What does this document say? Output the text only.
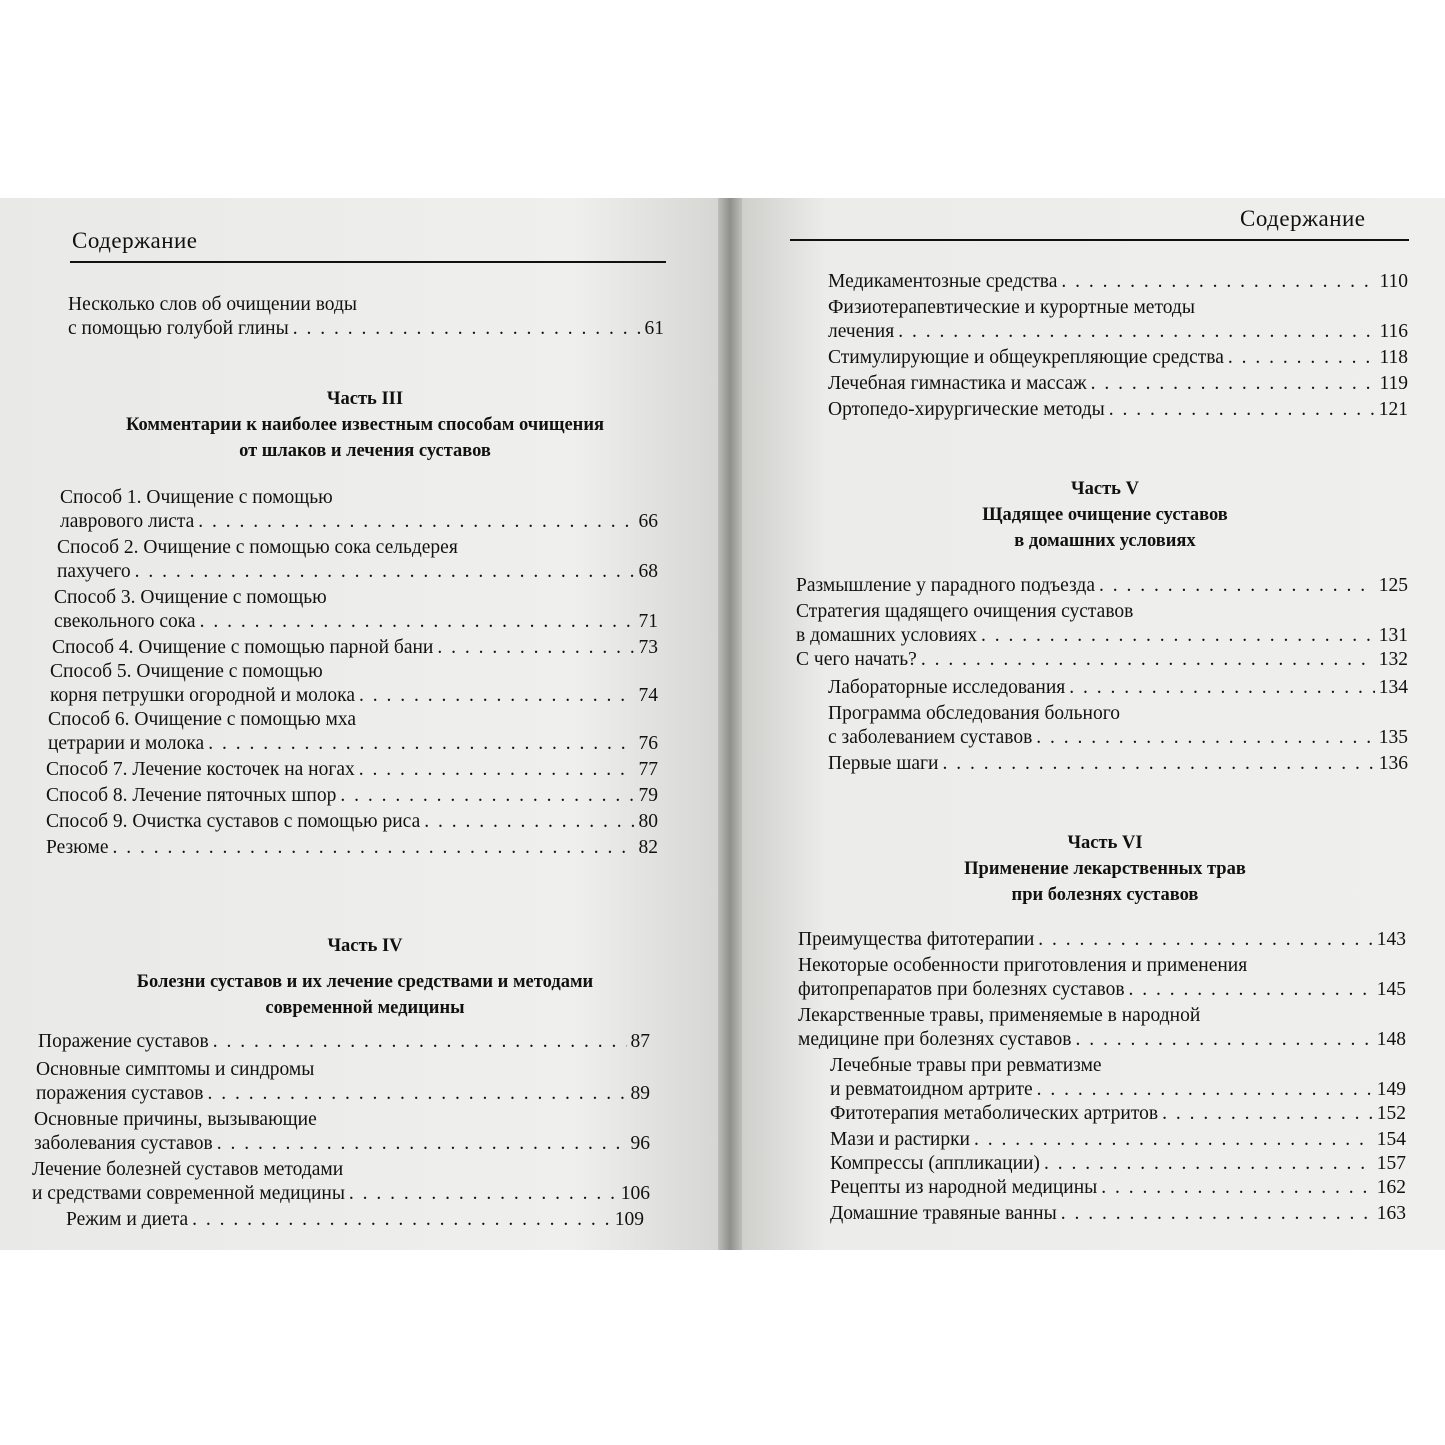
Содержание
Несколько слов об очищении воды
с помощью голубой глины . . .	61
Часть III
Комментарии к наиболее известным способам очищения
от шлаков и лечения суставов
Способ 1. Очищение с помощью
лаврового листа . . .	66
Способ 2. Очищение с помощью сока сельдерея
пахучего . . .	68
Способ 3. Очищение с помощью
свекольного сока . . .	71
Способ 4. Очищение с помощью парной бани . . .	73
Способ 5. Очищение с помощью
корня петрушки огородной и молока . . .	74
Способ 6. Очищение с помощью мха
цетрарии и молока . . .	76
Способ 7. Лечение косточек на ногах . . .	77
Способ 8. Лечение пяточных шпор . . .	79
Способ 9. Очистка суставов с помощью риса . . .	80
Резюме . . .	82
Часть IV
Болезни суставов и их лечение средствами и методами
современной медицины
Поражение суставов . . .	87
Основные симптомы и синдромы
поражения суставов . . .	89
Основные причины, вызывающие
заболевания суставов . . .	96
Лечение болезней суставов методами
и средствами современной медицины . . .	106
Режим и диета . . .	109
Содержание
Медикаментозные средства . . .	110
Физиотерапевтические и курортные методы
лечения . . .	116
Стимулирующие и общеукрепляющие средства . . .	118
Лечебная гимнастика и массаж . . .	119
Ортопедо-хирургические методы . . .	121
Часть V
Щадящее очищение суставов
в домашних условиях
Размышление у парадного подъезда . . .	125
Стратегия щадящего очищения суставов
в домашних условиях . . .	131
С чего начать? . . .	132
Лабораторные исследования . . .	134
Программа обследования больного
с заболеванием суставов . . .	135
Первые шаги . . .	136
Часть VI
Применение лекарственных трав
при болезнях суставов
Преимущества фитотерапии . . .	143
Некоторые особенности приготовления и применения
фитопрепаратов при болезнях суставов . . .	145
Лекарственные травы, применяемые в народной
медицине при болезнях суставов . . .	148
Лечебные травы при ревматизме
и ревматоидном артрите . . .	149
Фитотерапия метаболических артритов . . .	152
Мази и растирки . . .	154
Компрессы (аппликации) . . .	157
Рецепты из народной медицины . . .	162
Домашние травяные ванны . . .	163
